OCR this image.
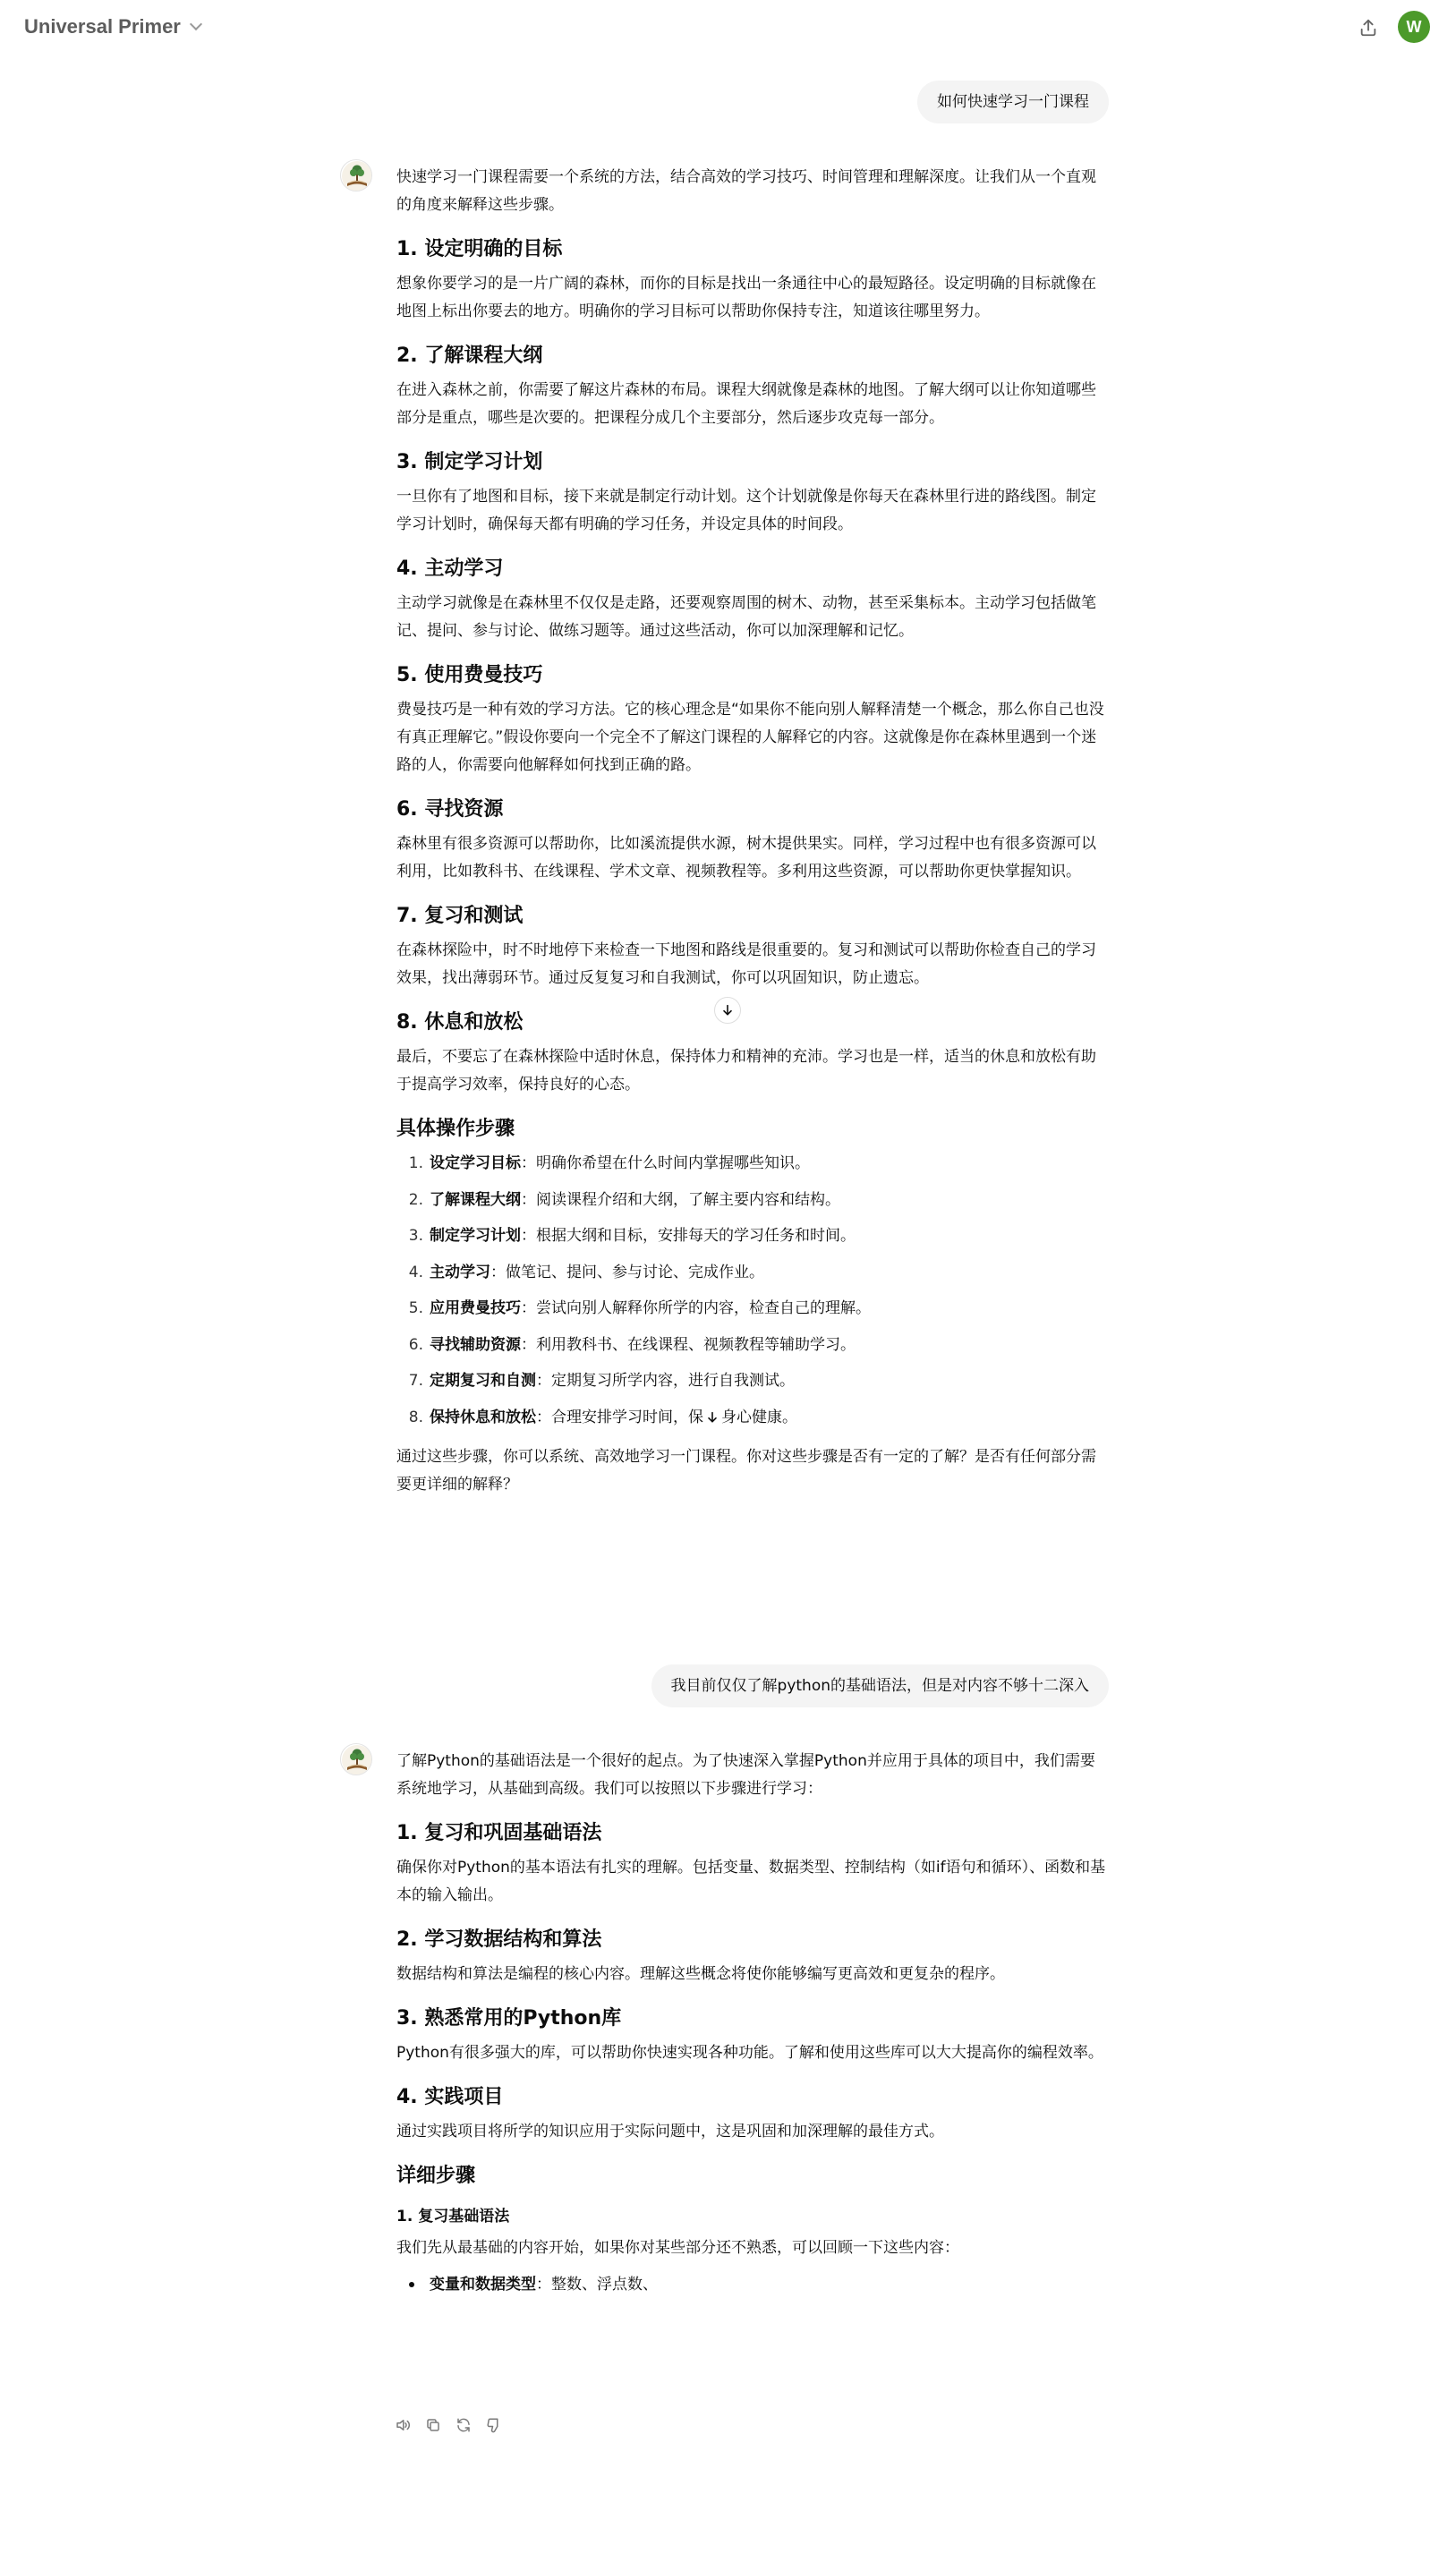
Universal Primer	W
如何快速学习一门课程

快速学习一门课程需要一个系统的方法，结合高效的学习技巧、时间管理和理解深度。让我们从一个直观的角度来解释这些步骤。

1. 设定明确的目标

想象你要学习的是一片广阔的森林，而你的目标是找出一条通往中心的最短路径。设定明确的目标就像在地图上标出你要去的地方。明确你的学习目标可以帮助你保持专注，知道该往哪里努力。

2. 了解课程大纲

在进入森林之前，你需要了解这片森林的布局。课程大纲就像是森林的地图。了解大纲可以让你知道哪些部分是重点，哪些是次要的。把课程分成几个主要部分，然后逐步攻克每一部分。

3. 制定学习计划

一旦你有了地图和目标，接下来就是制定行动计划。这个计划就像是你每天在森林里行进的路线图。制定学习计划时，确保每天都有明确的学习任务，并设定具体的时间段。

4. 主动学习

主动学习就像是在森林里不仅仅是走路，还要观察周围的树木、动物，甚至采集标本。主动学习包括做笔记、提问、参与讨论、做练习题等。通过这些活动，你可以加深理解和记忆。

5. 使用费曼技巧

费曼技巧是一种有效的学习方法。它的核心理念是“如果你不能向别人解释清楚一个概念，那么你自己也没有真正理解它。”假设你要向一个完全不了解这门课程的人解释它的内容。这就像是你在森林里遇到一个迷路的人，你需要向他解释如何找到正确的路。

6. 寻找资源

森林里有很多资源可以帮助你，比如溪流提供水源，树木提供果实。同样，学习过程中也有很多资源可以利用，比如教科书、在线课程、学术文章、视频教程等。多利用这些资源，可以帮助你更快掌握知识。

7. 复习和测试

在森林探险中，时不时地停下来检查一下地图和路线是很重要的。复习和测试可以帮助你检查自己的学习效果，找出薄弱环节。通过反复复习和自我测试，你可以巩固知识，防止遗忘。

8. 休息和放松

最后，不要忘了在森林探险中适时休息，保持体力和精神的充沛。学习也是一样，适当的休息和放松有助于提高学习效率，保持良好的心态。

具体操作步骤
1. 设定学习目标：明确你希望在什么时间内掌握哪些知识。
2. 了解课程大纲：阅读课程介绍和大纲，了解主要内容和结构。
3. 制定学习计划：根据大纲和目标，安排每天的学习任务和时间。
4. 主动学习：做笔记、提问、参与讨论、完成作业。
5. 应用费曼技巧：尝试向别人解释你所学的内容，检查自己的理解。
6. 寻找辅助资源：利用教科书、在线课程、视频教程等辅助学习。
7. 定期复习和自测：定期复习所学内容，进行自我测试。
8. 保持休息和放松：合理安排学习时间，保 身心健康。

通过这些步骤，你可以系统、高效地学习一门课程。你对这些步骤是否有一定的了解？是否有任何部分需要更详细的解释？

我目前仅仅了解python的基础语法，但是对内容不够十二深入

了解Python的基础语法是一个很好的起点。为了快速深入掌握Python并应用于具体的项目中，我们需要系统地学习，从基础到高级。我们可以按照以下步骤进行学习：

1. 复习和巩固基础语法

确保你对Python的基本语法有扎实的理解。包括变量、数据类型、控制结构（如if语句和循环）、函数和基本的输入输出。

2. 学习数据结构和算法

数据结构和算法是编程的核心内容。理解这些概念将使你能够编写更高效和更复杂的程序。

3. 熟悉常用的Python库

Python有很多强大的库，可以帮助你快速实现各种功能。了解和使用这些库可以大大提高你的编程效率。

4. 实践项目

通过实践项目将所学的知识应用于实际问题中，这是巩固和加深理解的最佳方式。

详细步骤
1. 复习基础语法

我们先从最基础的内容开始，如果你对某些部分还不熟悉，可以回顾一下这些内容：

变量和数据类型：整数、浮点数、
